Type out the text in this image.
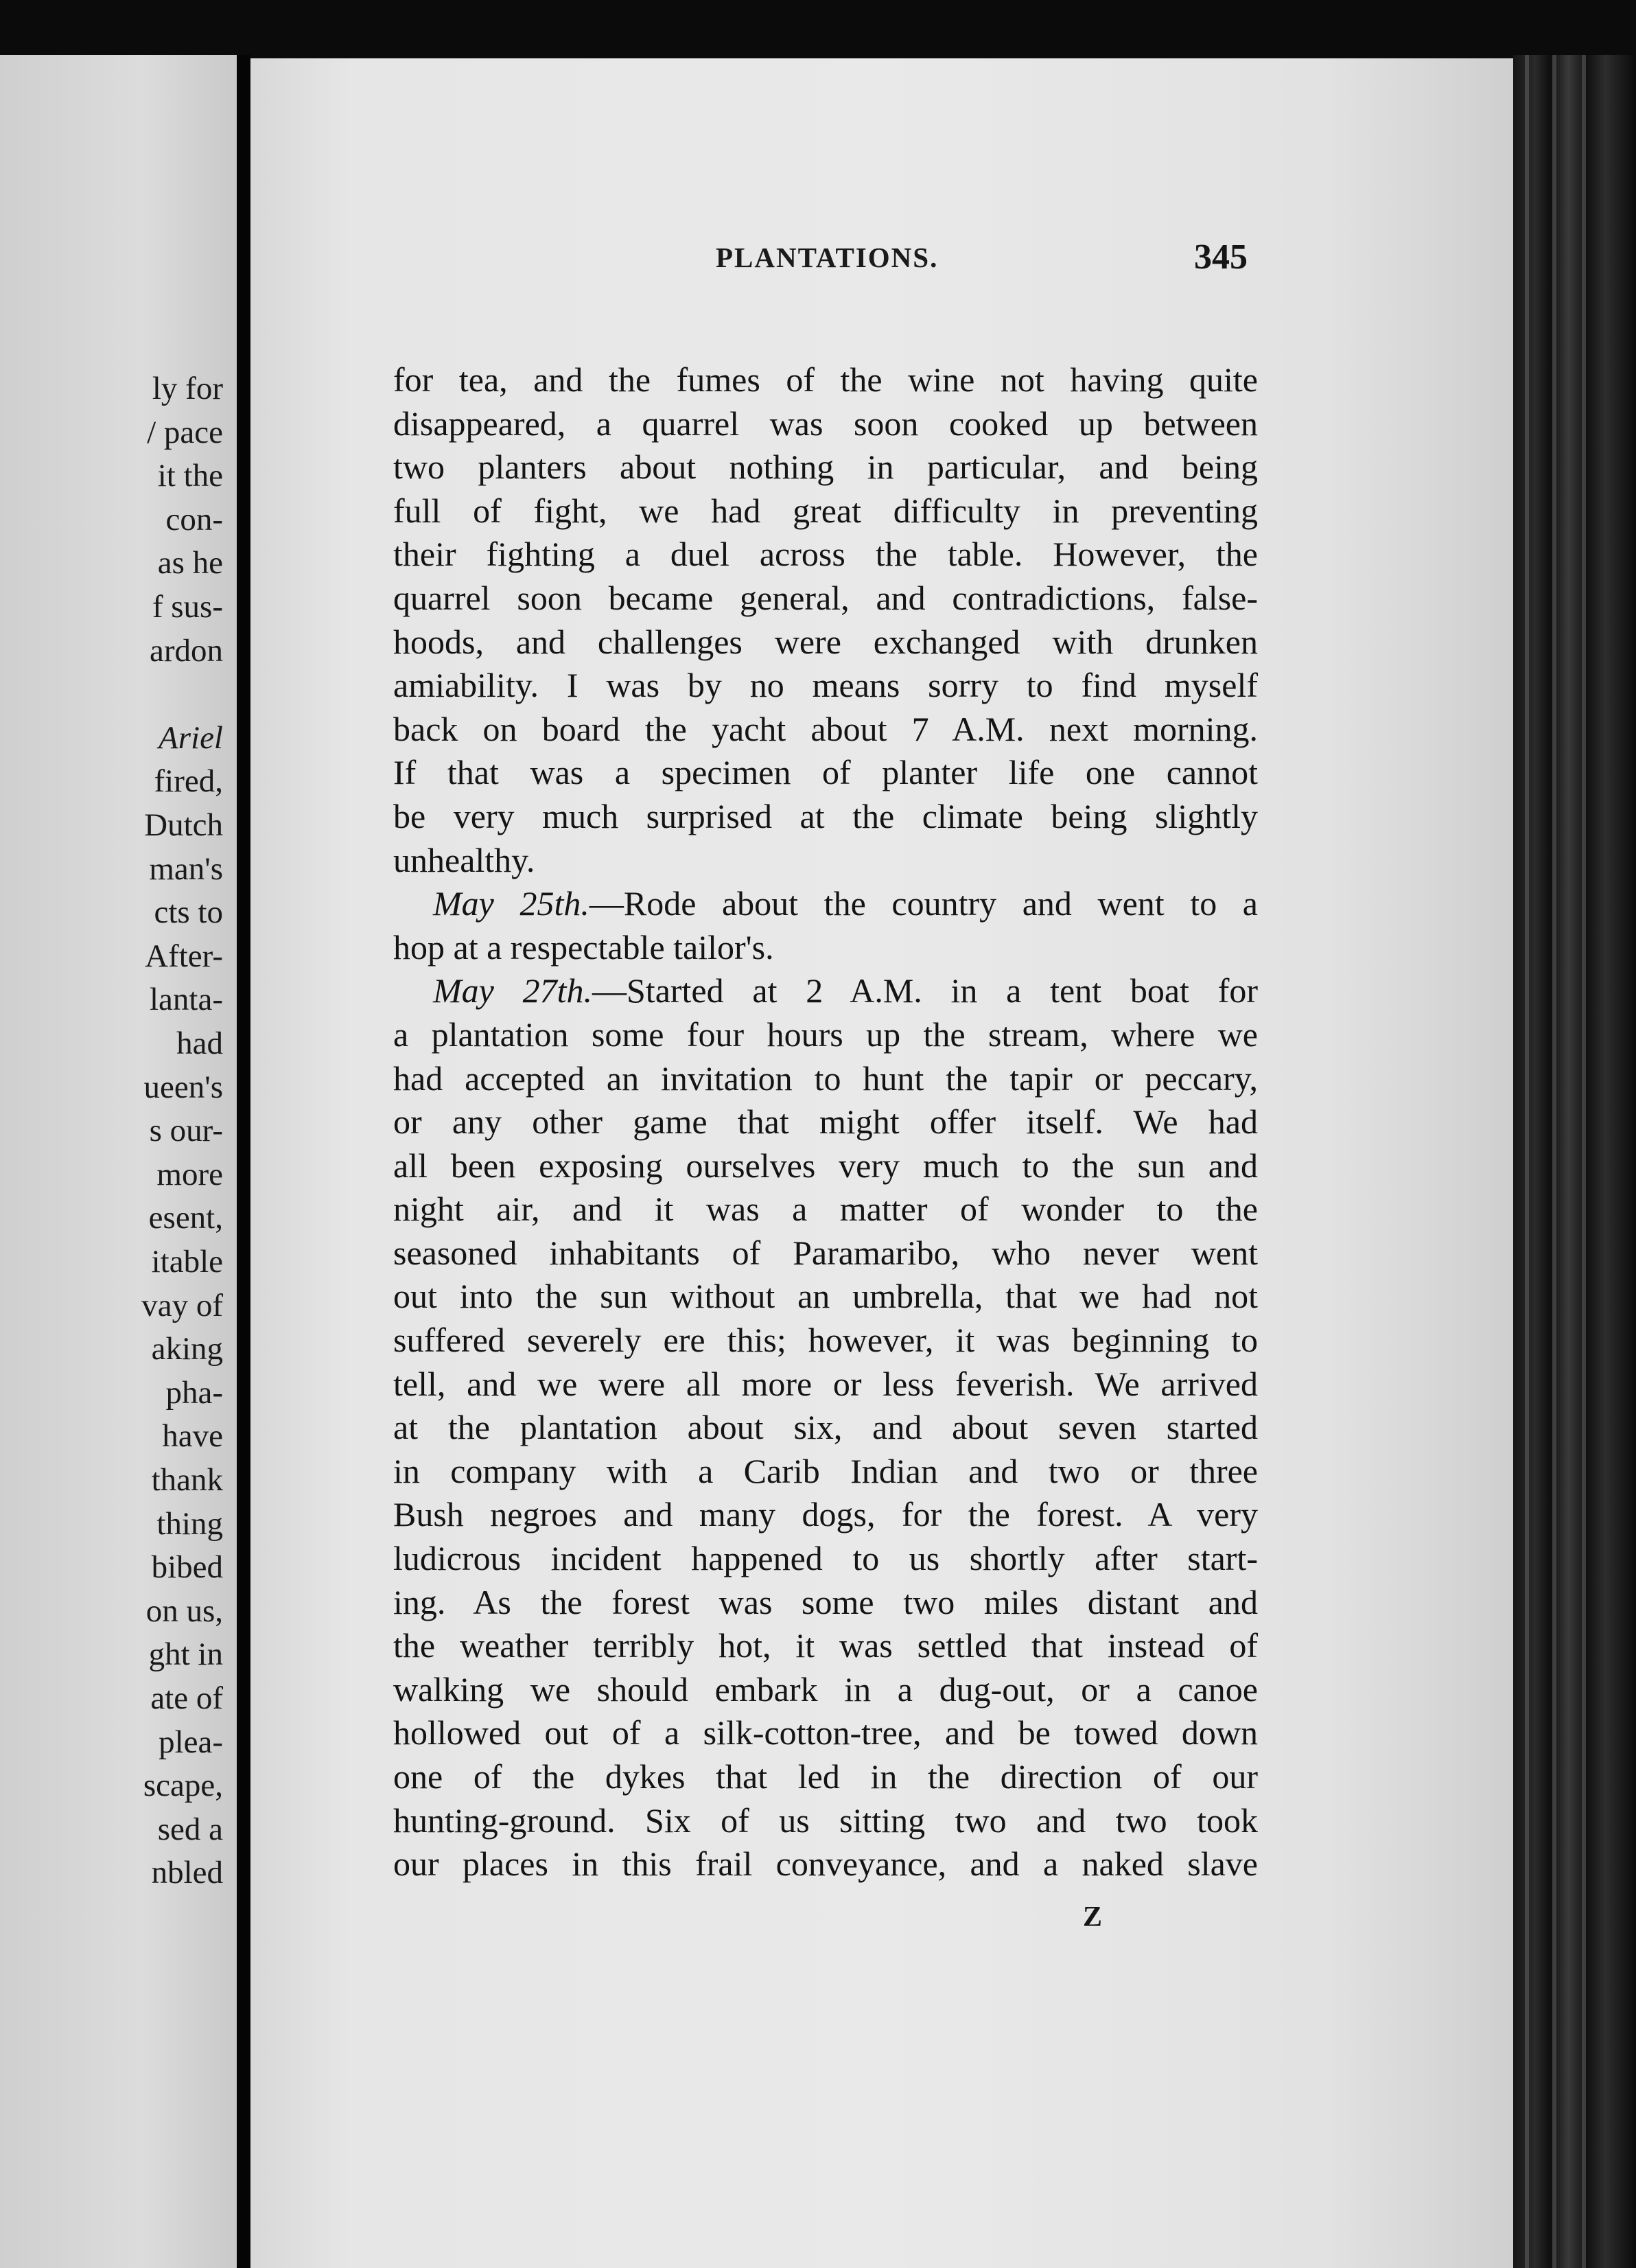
ly for
/ pace
it the
con-
as he
f sus-
ardon
Ariel
fired,
Dutch
man's
cts to
After-
lanta-
had
ueen's
s our-
more
esent,
itable
vay of
aking
pha-
have
thank
thing
bibed
on us,
ght in
ate of
plea-
scape,
sed a
nbled
PLANTATIONS.	345
for tea, and the fumes of the wine not having quite
disappeared, a quarrel was soon cooked up between
two planters about nothing in particular, and being
full of fight, we had great difficulty in preventing
their fighting a duel across the table. However, the
quarrel soon became general, and contradictions, false-
hoods, and challenges were exchanged with drunken
amiability. I was by no means sorry to find myself
back on board the yacht about 7 A.M. next morning.
If that was a specimen of planter life one cannot
be very much surprised at the climate being slightly
unhealthy.
May 25th.—Rode about the country and went to a
hop at a respectable tailor's.
May 27th.—Started at 2 A.M. in a tent boat for
a plantation some four hours up the stream, where we
had accepted an invitation to hunt the tapir or peccary,
or any other game that might offer itself. We had
all been exposing ourselves very much to the sun and
night air, and it was a matter of wonder to the
seasoned inhabitants of Paramaribo, who never went
out into the sun without an umbrella, that we had not
suffered severely ere this; however, it was beginning to
tell, and we were all more or less feverish. We arrived
at the plantation about six, and about seven started
in company with a Carib Indian and two or three
Bush negroes and many dogs, for the forest. A very
ludicrous incident happened to us shortly after start-
ing. As the forest was some two miles distant and
the weather terribly hot, it was settled that instead of
walking we should embark in a dug-out, or a canoe
hollowed out of a silk-cotton-tree, and be towed down
one of the dykes that led in the direction of our
hunting-ground. Six of us sitting two and two took
our places in this frail conveyance, and a naked slave
Z
